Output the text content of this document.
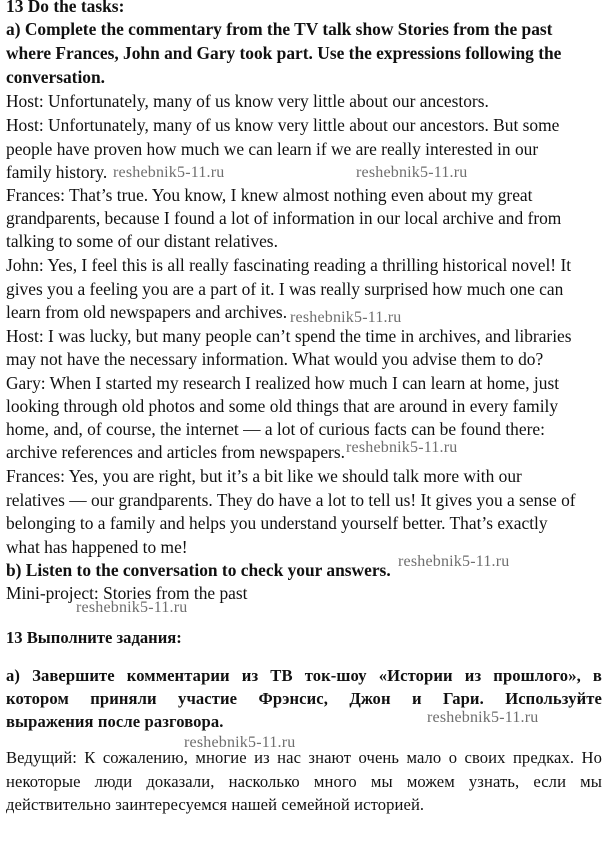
13 Do the tasks:
a) Complete the commentary from the TV talk show Stories from the past
where Frances, John and Gary took part. Use the expressions following the
conversation.
Host: Unfortunately, many of us know very little about our ancestors.
Host: Unfortunately, many of us know very little about our ancestors. But some
people have proven how much we can learn if we are really interested in our
family history.
Frances: That’s true. You know, I knew almost nothing even about my great
grandparents, because I found a lot of information in our local archive and from
talking to some of our distant relatives.
John: Yes, I feel this is all really fascinating reading a thrilling historical novel! It
gives you a feeling you are a part of it. I was really surprised how much one can
learn from old newspapers and archives.
Host: I was lucky, but many people can’t spend the time in archives, and libraries
may not have the necessary information. What would you advise them to do?
Gary: When I started my research I realized how much I can learn at home, just
looking through old photos and some old things that are around in every family
home, and, of course, the internet — a lot of curious facts can be found there:
archive references and articles from newspapers.
Frances: Yes, you are right, but it’s a bit like we should talk more with our
relatives — our grandparents. They do have a lot to tell us! It gives you a sense of
belonging to a family and helps you understand yourself better. That’s exactly
what has happened to me!
b) Listen to the conversation to check your answers.
Mini-project: Stories from the past
13 Выполните задания:
а) Завершите комментарии из ТВ ток-шоу «Истории из прошлого», в
котором приняли участие Фрэнсис, Джон и Гари. Используйте
выражения после разговора.
Ведущий: К сожалению, многие из нас знают очень мало о своих предках. Но
некоторые люди доказали, насколько много мы можем узнать, если мы
действительно заинтересуемся нашей семейной историей.
reshebnik5-11.ru	reshebnik5-11.ru
reshebnik5-11.ru
reshebnik5-11.ru
reshebnik5-11.ru
reshebnik5-11.ru
reshebnik5-11.ru
reshebnik5-11.ru
